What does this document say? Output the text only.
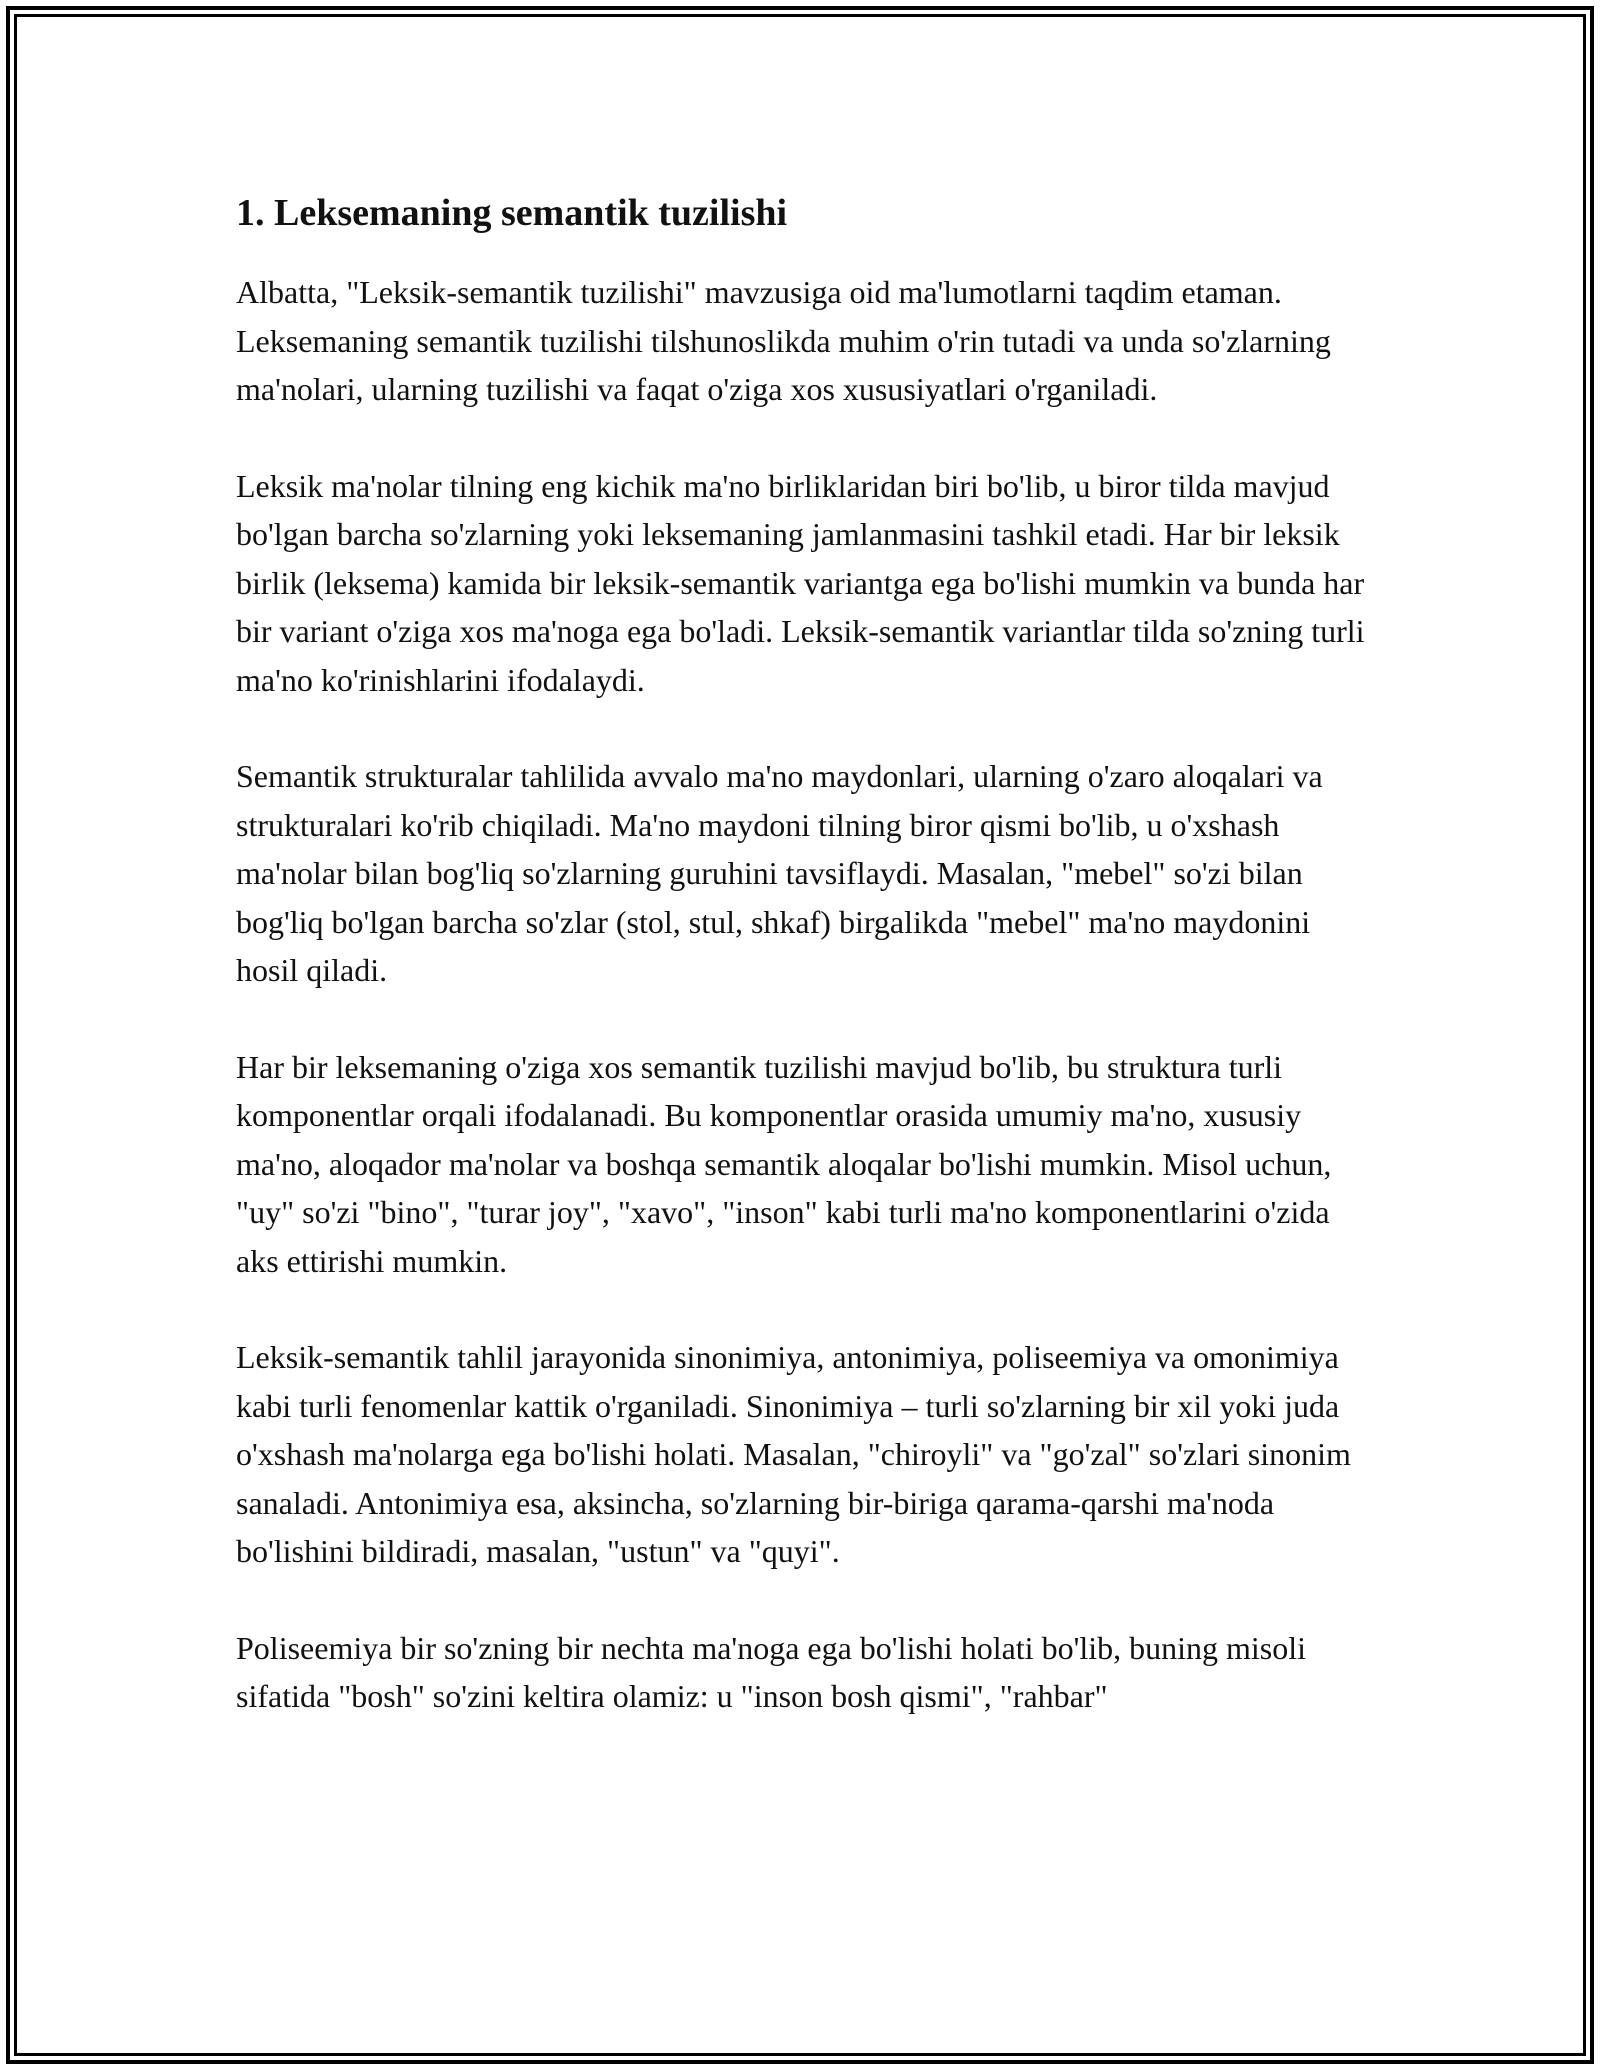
1. Leksemaning semantik tuzilishi

Albatta, "Leksik-semantik tuzilishi" mavzusiga oid ma'lumotlarni taqdim etaman. Leksemaning semantik tuzilishi tilshunoslikda muhim o'rin tutadi va unda so'zlarning ma'nolari, ularning tuzilishi va faqat o'ziga xos xususiyatlari o'rganiladi.

Leksik ma'nolar tilning eng kichik ma'no birliklaridan biri bo'lib, u biror tilda mavjud bo'lgan barcha so'zlarning yoki leksemaning jamlanmasini tashkil etadi. Har bir leksik birlik (leksema) kamida bir leksik-semantik variantga ega bo'lishi mumkin va bunda har bir variant o'ziga xos ma'noga ega bo'ladi. Leksik-semantik variantlar tilda so'zning turli ma'no ko'rinishlarini ifodalaydi.

Semantik strukturalar tahlilida avvalo ma'no maydonlari, ularning o'zaro aloqalari va strukturalari ko'rib chiqiladi. Ma'no maydoni tilning biror qismi bo'lib, u o'xshash ma'nolar bilan bog'liq so'zlarning guruhini tavsiflaydi. Masalan, "mebel" so'zi bilan bog'liq bo'lgan barcha so'zlar (stol, stul, shkaf) birgalikda "mebel" ma'no maydonini hosil qiladi.

Har bir leksemaning o'ziga xos semantik tuzilishi mavjud bo'lib, bu struktura turli komponentlar orqali ifodalanadi. Bu komponentlar orasida umumiy ma'no, xususiy ma'no, aloqador ma'nolar va boshqa semantik aloqalar bo'lishi mumkin. Misol uchun, "uy" so'zi "bino", "turar joy", "xavo", "inson" kabi turli ma'no komponentlarini o'zida aks ettirishi mumkin.

Leksik-semantik tahlil jarayonida sinonimiya, antonimiya, poliseemiya va omonimiya kabi turli fenomenlar kattik o'rganiladi. Sinonimiya – turli so'zlarning bir xil yoki juda o'xshash ma'nolarga ega bo'lishi holati. Masalan, "chiroyli" va "go'zal" so'zlari sinonim sanaladi. Antonimiya esa, aksincha, so'zlarning bir-biriga qarama-qarshi ma'noda bo'lishini bildiradi, masalan, "ustun" va "quyi".

Poliseemiya bir so'zning bir nechta ma'noga ega bo'lishi holati bo'lib, buning misoli sifatida "bosh" so'zini keltira olamiz: u "inson bosh qismi", "rahbar"
